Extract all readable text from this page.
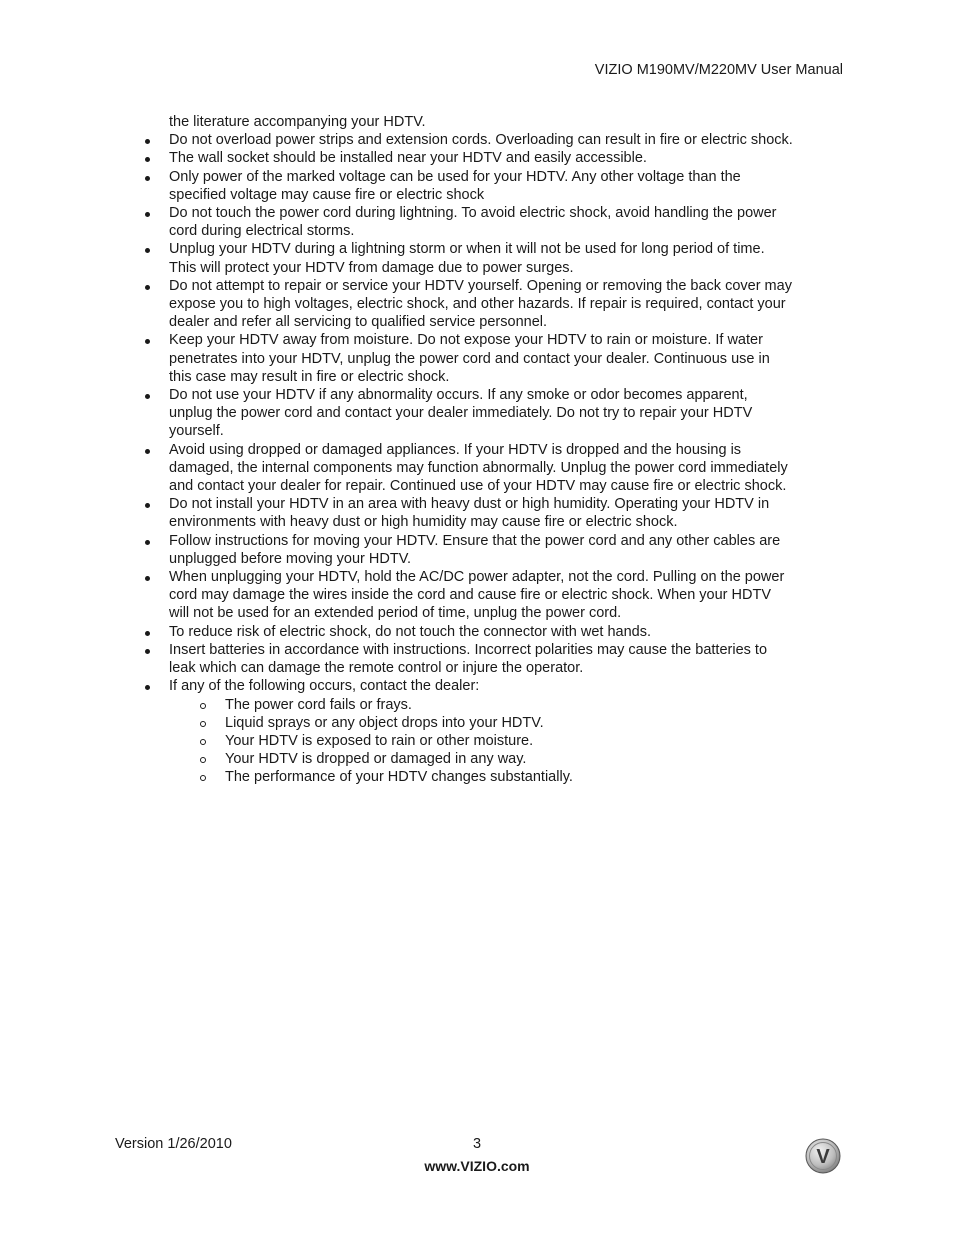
VIZIO M190MV/M220MV User Manual

the literature accompanying your HDTV.

Do not overload power strips and extension cords. Overloading can result in fire or electric shock.
The wall socket should be installed near your HDTV and easily accessible.
Only power of the marked voltage can be used for your HDTV. Any other voltage than the specified voltage may cause fire or electric shock
Do not touch the power cord during lightning. To avoid electric shock, avoid handling the power cord during electrical storms.
Unplug your HDTV during a lightning storm or when it will not be used for long period of time. This will protect your HDTV from damage due to power surges.
Do not attempt to repair or service your HDTV yourself. Opening or removing the back cover may expose you to high voltages, electric shock, and other hazards. If repair is required, contact your dealer and refer all servicing to qualified service personnel.
Keep your HDTV away from moisture. Do not expose your HDTV to rain or moisture. If water penetrates into your HDTV, unplug the power cord and contact your dealer. Continuous use in this case may result in fire or electric shock.
Do not use your HDTV if any abnormality occurs. If any smoke or odor becomes apparent, unplug the power cord and contact your dealer immediately. Do not try to repair your HDTV yourself.
Avoid using dropped or damaged appliances. If your HDTV is dropped and the housing is damaged, the internal components may function abnormally. Unplug the power cord immediately and contact your dealer for repair. Continued use of your HDTV may cause fire or electric shock.
Do not install your HDTV in an area with heavy dust or high humidity. Operating your HDTV in environments with heavy dust or high humidity may cause fire or electric shock.
Follow instructions for moving your HDTV. Ensure that the power cord and any other cables are unplugged before moving your HDTV.
When unplugging your HDTV, hold the AC/DC power adapter, not the cord. Pulling on the power cord may damage the wires inside the cord and cause fire or electric shock. When your HDTV will not be used for an extended period of time, unplug the power cord.
To reduce risk of electric shock, do not touch the connector with wet hands.
Insert batteries in accordance with instructions. Incorrect polarities may cause the batteries to leak which can damage the remote control or injure the operator.
If any of the following occurs, contact the dealer:
The power cord fails or frays.
Liquid sprays or any object drops into your HDTV.
Your HDTV is exposed to rain or other moisture.
Your HDTV is dropped or damaged in any way.
The performance of your HDTV changes substantially.
Version 1/26/2010	3
www.VIZIO.com	V
